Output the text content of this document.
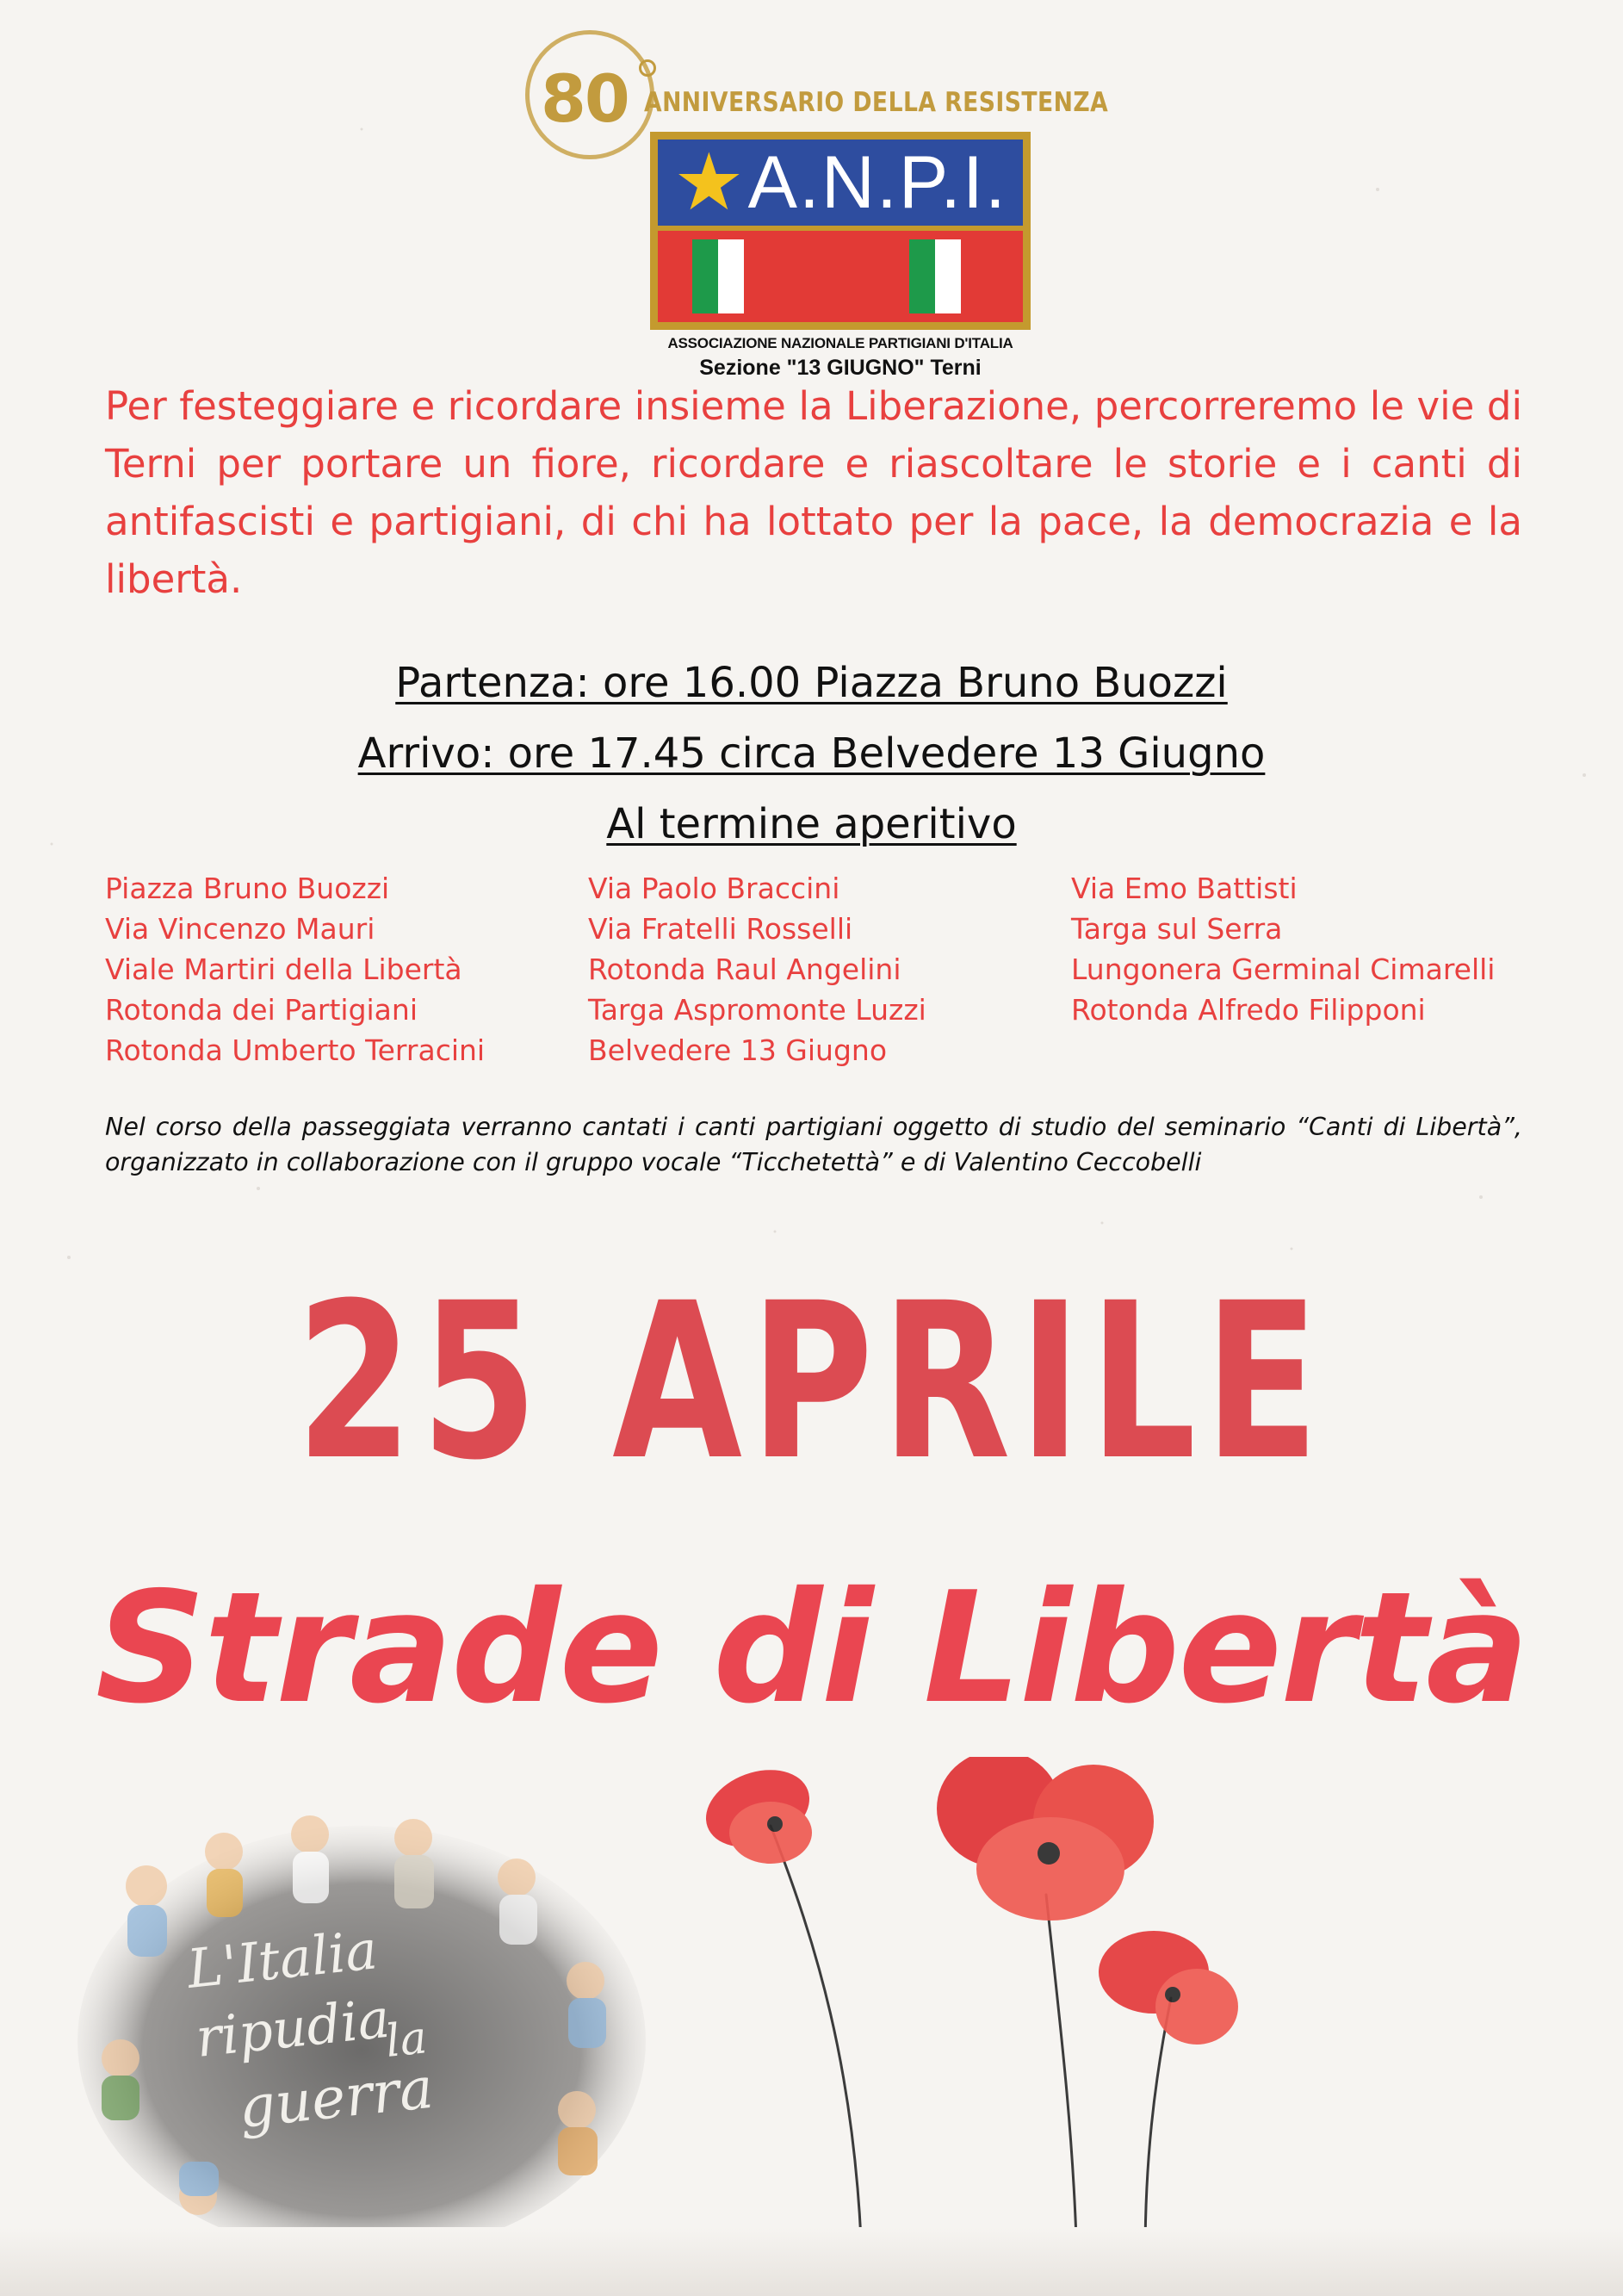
80 ANNIVERSARIO DELLA RESISTENZA
★ A.N.P.I.
ASSOCIAZIONE NAZIONALE PARTIGIANI D'ITALIA
Sezione "13 GIUGNO" Terni
Per festeggiare e ricordare insieme la Liberazione, percorreremo le vie di Terni per portare un fiore, ricordare e riascoltare le storie e i canti di antifascisti e partigiani, di chi ha lottato per la pace, la democrazia e la libertà.
Partenza: ore 16.00 Piazza Bruno Buozzi
Arrivo: ore 17.45 circa Belvedere 13 Giugno
Al termine aperitivo
Piazza Bruno Buozzi
Via Vincenzo Mauri
Viale Martiri della Libertà
Rotonda dei Partigiani
Rotonda Umberto Terracini
Via Paolo Braccini
Via Fratelli Rosselli
Rotonda Raul Angelini
Targa Aspromonte Luzzi
Belvedere 13 Giugno
Via Emo Battisti
Targa sul Serra
Lungonera Germinal Cimarelli
Rotonda Alfredo Filipponi
Nel corso della passeggiata verranno cantati i canti partigiani oggetto di studio del seminario “Canti di Libertà”, organizzato in collaborazione con il gruppo vocale “Ticchetettà” e di Valentino Ceccobelli
25 APRILE
Strade di Libertà
L'Italia
ripudia
la
guerra
